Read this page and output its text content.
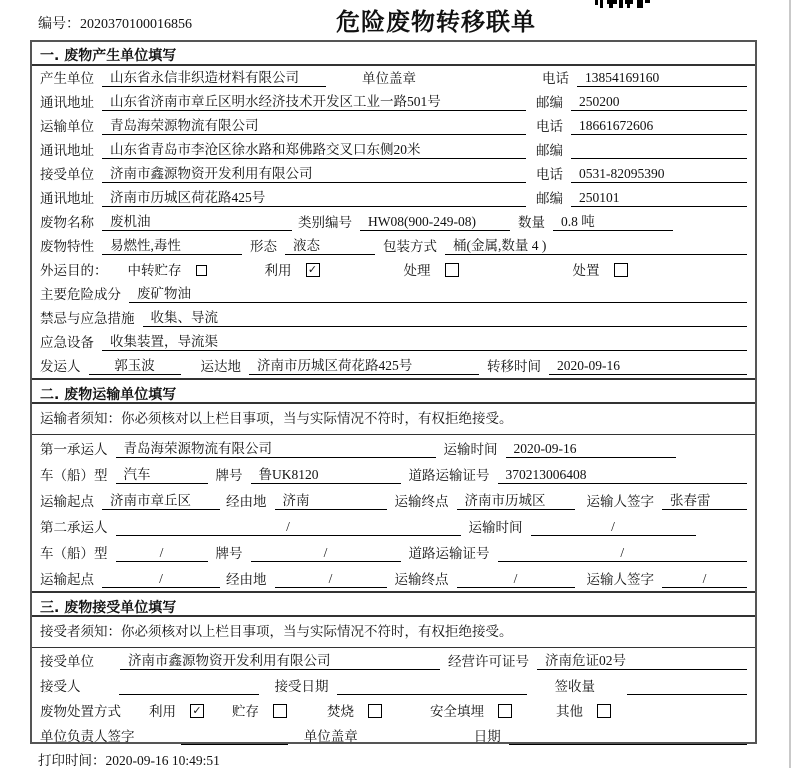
编号：2020370100016856	危险废物转移联单
一. 废物产生单位填写
产生单位	山东省永信非织造材料有限公司	单位盖章	电话	13854169160
通讯地址	山东省济南市章丘区明水经济技术开发区工业一路501号	邮编	250200
运输单位	青岛海荣源物流有限公司	电话	18661672606
通讯地址	山东省青岛市李沧区徐水路和郑佛路交叉口东侧20米	邮编
接受单位	济南市鑫源物资开发利用有限公司	电话	0531-82095390
通讯地址	济南市历城区荷花路425号	邮编	250101
废物名称	废机油	类别编号	HW08(900-249-08)	数量	0.8 吨
废物特性	易燃性,毒性	形态	液态	包装方式	桶(金属,数量 4 )
外运目的： 中转贮存	利用 ✓	处理	处置
主要危险成分	废矿物油
禁忌与应急措施	收集、导流
应急设备	收集装置，导流渠
发运人	郭玉波	运达地	济南市历城区荷花路425号	转移时间	2020-09-16
二. 废物运输单位填写
运输者须知：你必须核对以上栏目事项，当与实际情况不符时，有权拒绝接受。
第一承运人	青岛海荣源物流有限公司	运输时间	2020-09-16
车（船）型	汽车	牌号	鲁UK8120	道路运输证号	370213006408
运输起点	济南市章丘区	经由地	济南	运输终点	济南市历城区	运输人签字	张春雷
第二承运人	/	运输时间	/
车（船）型	/	牌号	/	道路运输证号	/
运输起点	/	经由地	/	运输终点	/	运输人签字	/
三. 废物接受单位填写
接受者须知：你必须核对以上栏目事项，当与实际情况不符时，有权拒绝接受。
接受单位	济南市鑫源物资开发利用有限公司	经营许可证号	济南危证02号
接受人	接受日期	签收量
废物处置方式 利用 ✓	贮存	焚烧	安全填埋	其他
单位负责人签字	单位盖章	日期
打印时间：2020-09-16 10:49:51
